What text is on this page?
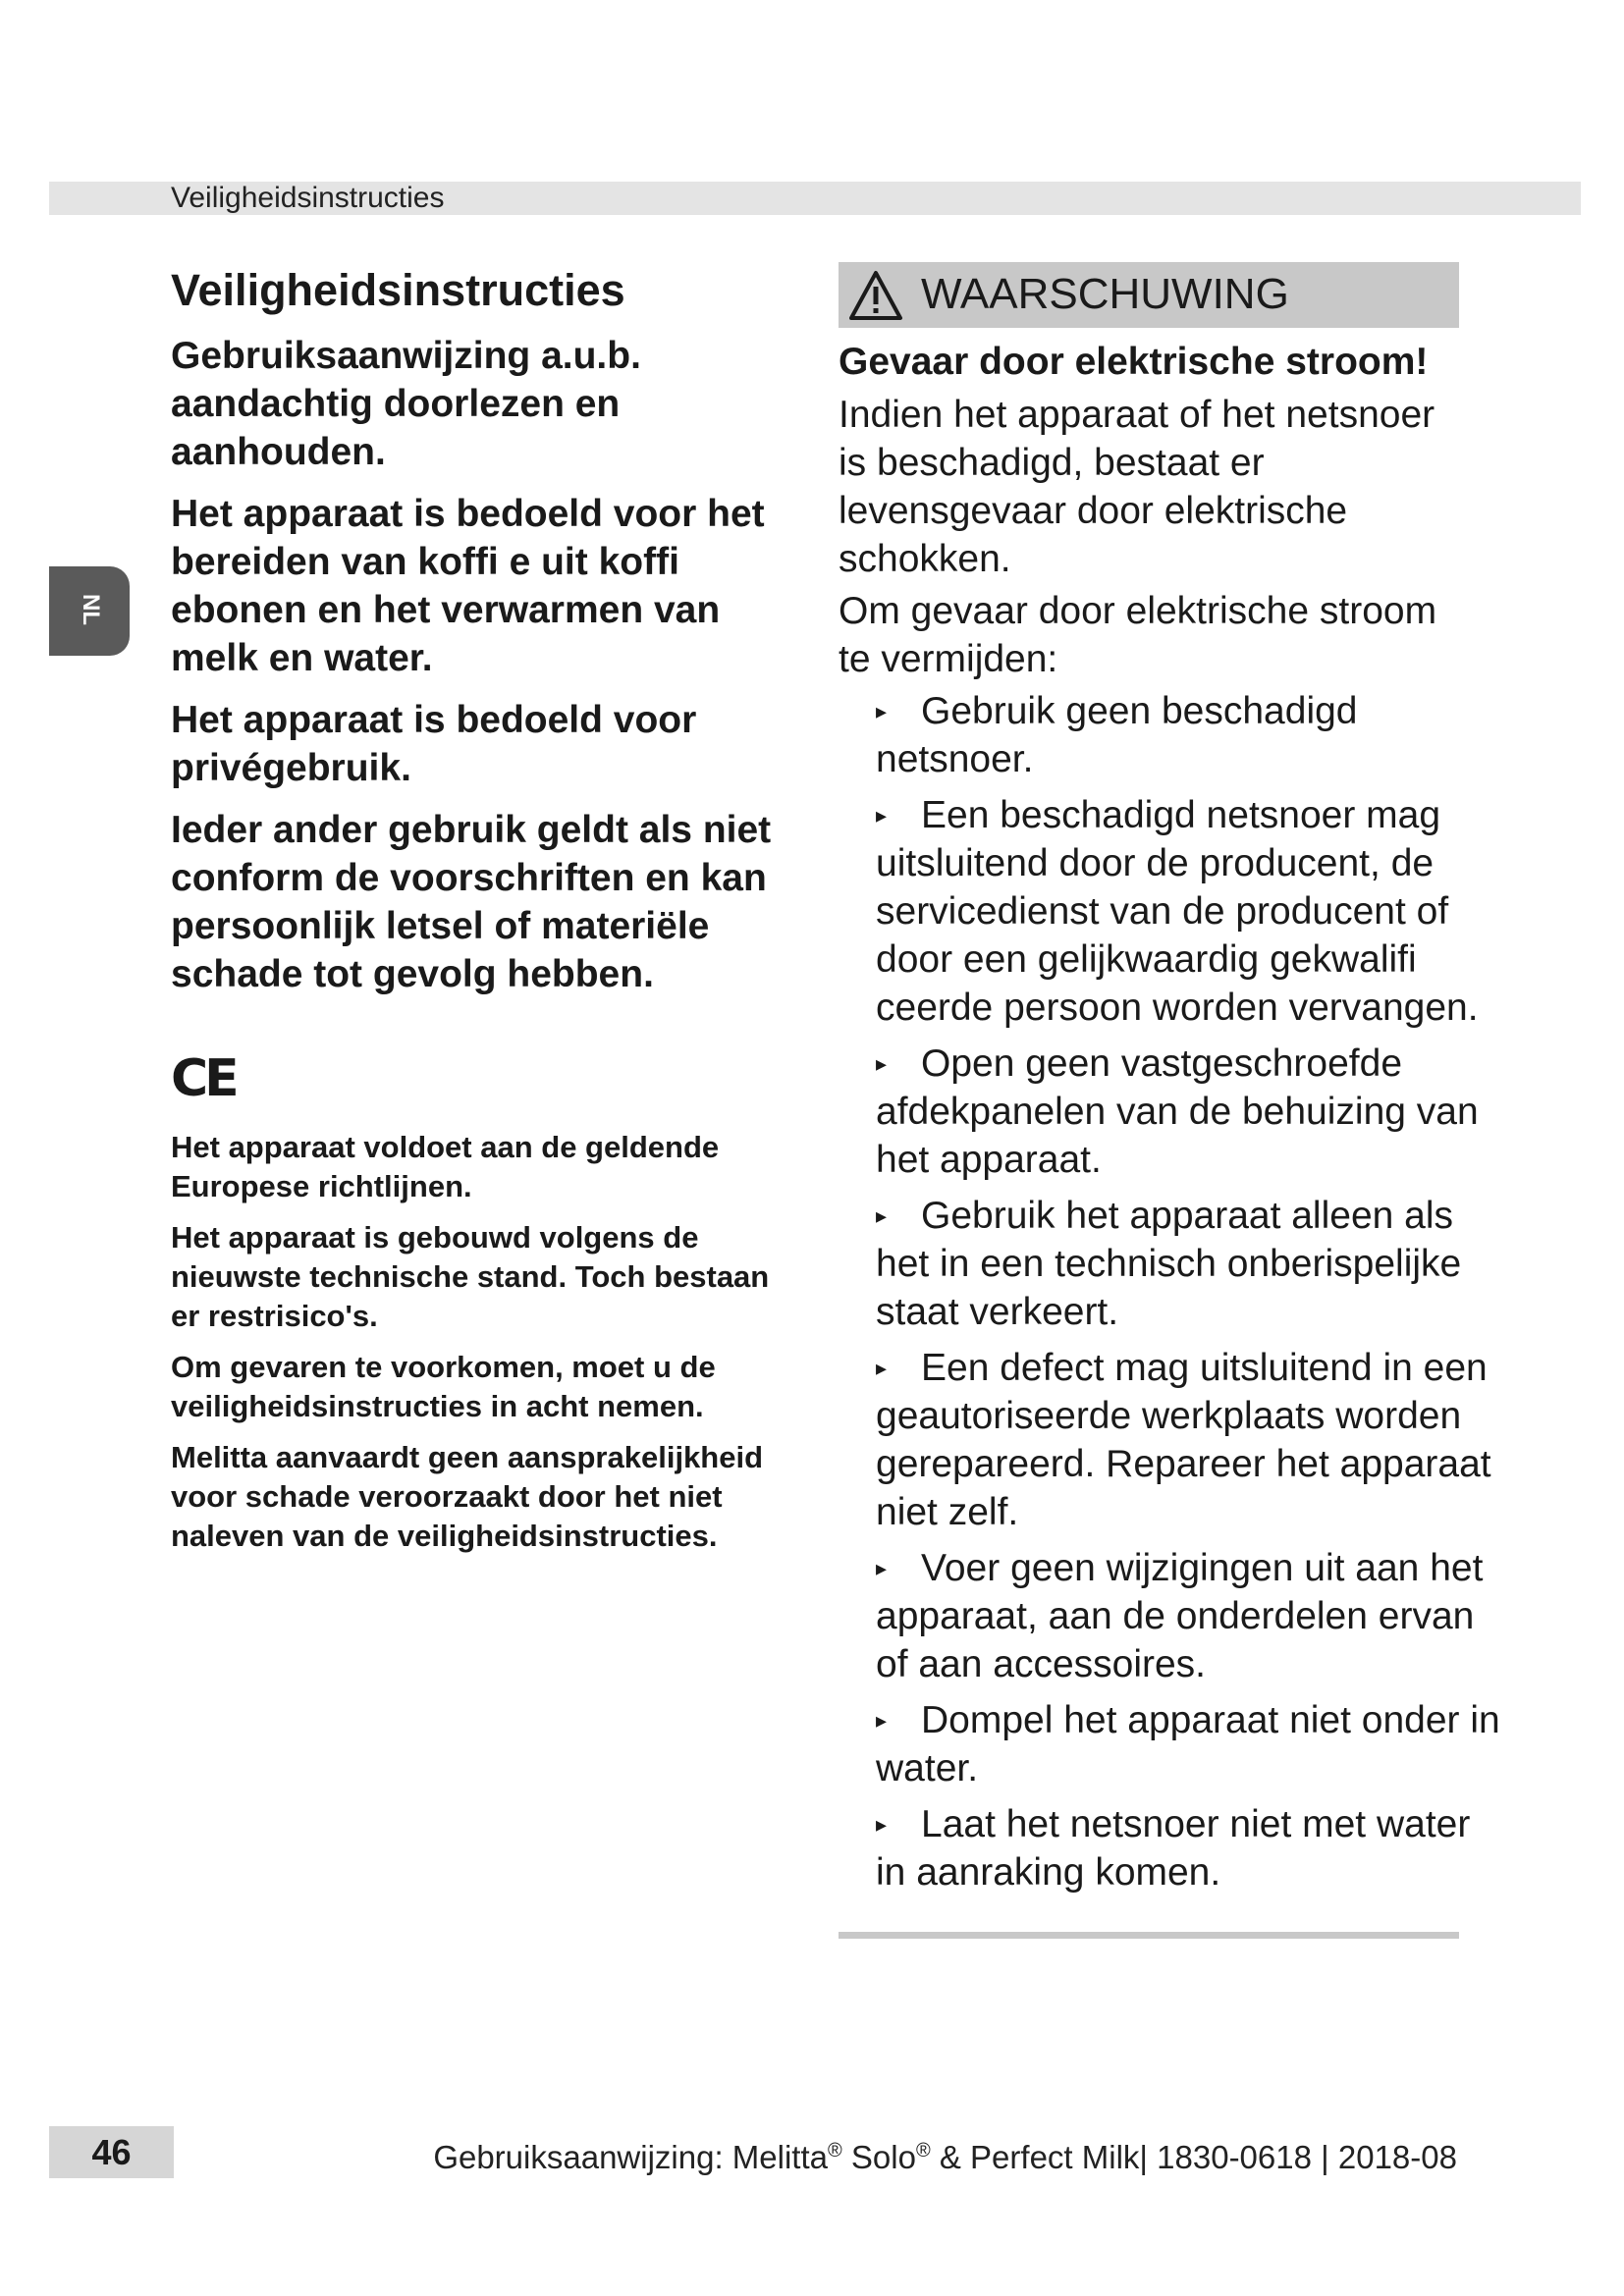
Veiligheidsinstructies
NL
Veiligheidsinstructies

Gebruiksaanwijzing a.u.b. aandachtig doorlezen en aanhouden.

Het apparaat is bedoeld voor het bereiden van koffi e uit koffi ebonen en het verwarmen van melk en water.

Het apparaat is bedoeld voor privégebruik.

Ieder ander gebruik geldt als niet conform de voorschriften en kan persoonlijk letsel of materiële schade tot gevolg hebben.

CE

Het apparaat voldoet aan de geldende Europese richtlijnen.

Het apparaat is gebouwd volgens de nieuwste technische stand. Toch bestaan er restrisico's.

Om gevaren te voorkomen, moet u de veiligheidsinstructies in acht nemen.

Melitta aanvaardt geen aansprakelijkheid voor schade veroorzaakt door het niet naleven van de veiligheidsinstructies.

WAARSCHUWING
Gevaar door elektrische stroom!

Indien het apparaat of het netsnoer is beschadigd, bestaat er levensgevaar door elektrische schokken.

Om gevaar door elektrische stroom te vermijden:

▸ Gebruik geen beschadigd netsnoer.
▸ Een beschadigd netsnoer mag uitsluitend door de producent, de servicedienst van de producent of door een gelijkwaardig gekwalifi ceerde persoon worden vervangen.
▸ Open geen vastgeschroefde afdekpanelen van de behuizing van het apparaat.
▸ Gebruik het apparaat alleen als het in een technisch onberispelijke staat verkeert.
▸ Een defect mag uitsluitend in een geautoriseerde werkplaats worden gerepareerd. Repareer het apparaat niet zelf.
▸ Voer geen wijzigingen uit aan het apparaat, aan de onderdelen ervan of aan accessoires.
▸ Dompel het apparaat niet onder in water.
▸ Laat het netsnoer niet met water in aanraking komen.
46	Gebruiksaanwijzing: Melitta® Solo® & Perfect Milk| 1830-0618 | 2018-08
